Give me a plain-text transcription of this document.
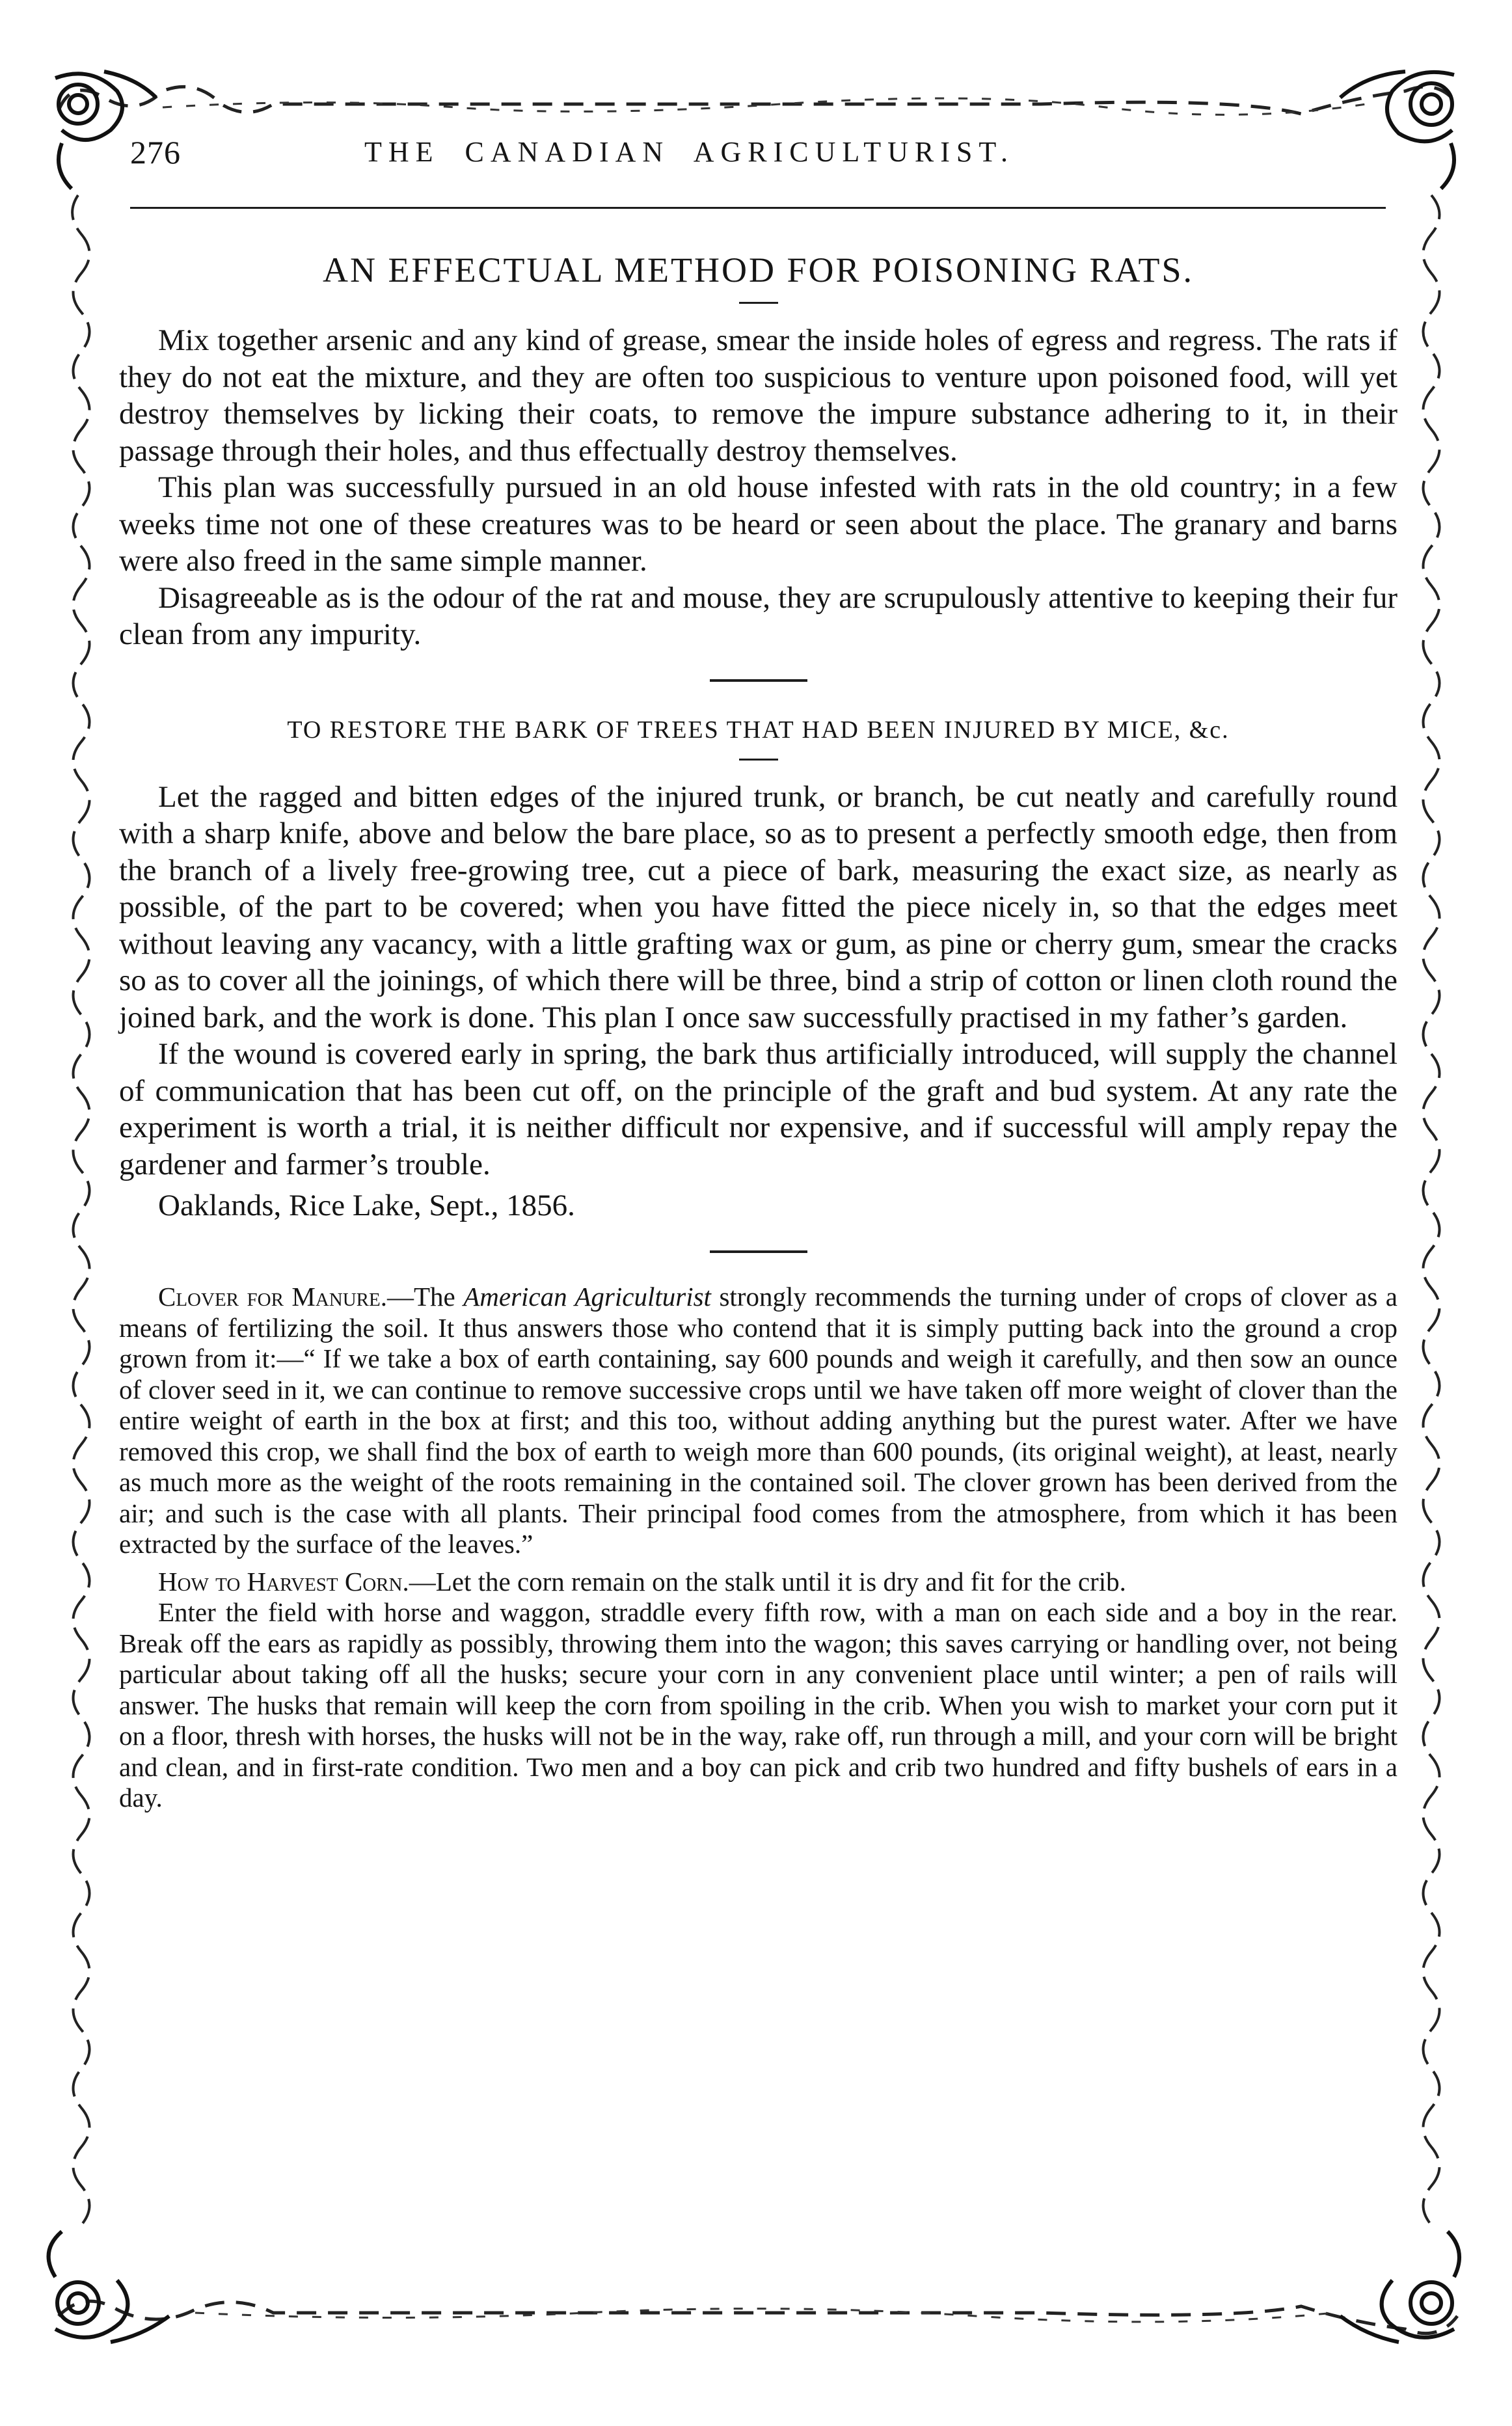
276	THE CANADIAN AGRICULTURIST.
AN EFFECTUAL METHOD FOR POISONING RATS.

Mix together arsenic and any kind of grease, smear the inside holes of egress and regress. The rats if they do not eat the mixture, and they are often too suspicious to venture upon poisoned food, will yet destroy themselves by licking their coats, to remove the impure substance adhering to it, in their passage through their holes, and thus effectually destroy themselves.

This plan was successfully pursued in an old house infested with rats in the old country; in a few weeks time not one of these creatures was to be heard or seen about the place. The granary and barns were also freed in the same simple manner.

Disagreeable as is the odour of the rat and mouse, they are scrupulously attentive to keeping their fur clean from any impurity.

TO RESTORE THE BARK OF TREES THAT HAD BEEN INJURED BY MICE, &c.

Let the ragged and bitten edges of the injured trunk, or branch, be cut neatly and carefully round with a sharp knife, above and below the bare place, so as to present a perfectly smooth edge, then from the branch of a lively free-growing tree, cut a piece of bark, measuring the exact size, as nearly as possible, of the part to be covered; when you have fitted the piece nicely in, so that the edges meet without leaving any vacancy, with a little grafting wax or gum, as pine or cherry gum, smear the cracks so as to cover all the joinings, of which there will be three, bind a strip of cotton or linen cloth round the joined bark, and the work is done. This plan I once saw successfully practised in my father’s garden.

If the wound is covered early in spring, the bark thus artificially introduced, will supply the channel of communication that has been cut off, on the principle of the graft and bud system. At any rate the experiment is worth a trial, it is neither difficult nor expensive, and if successful will amply repay the gardener and farmer’s trouble.

Oaklands, Rice Lake, Sept., 1856.

Clover for Manure.—The American Agriculturist strongly recommends the turning under of crops of clover as a means of fertilizing the soil. It thus answers those who contend that it is simply putting back into the ground a crop grown from it:—“ If we take a box of earth containing, say 600 pounds and weigh it carefully, and then sow an ounce of clover seed in it, we can continue to remove successive crops until we have taken off more weight of clover than the entire weight of earth in the box at first; and this too, without adding anything but the purest water. After we have removed this crop, we shall find the box of earth to weigh more than 600 pounds, (its original weight), at least, nearly as much more as the weight of the roots remaining in the contained soil. The clover grown has been derived from the air; and such is the case with all plants. Their principal food comes from the atmosphere, from which it has been extracted by the surface of the leaves.”

How to Harvest Corn.—Let the corn remain on the stalk until it is dry and fit for the crib.

Enter the field with horse and waggon, straddle every fifth row, with a man on each side and a boy in the rear. Break off the ears as rapidly as possibly, throwing them into the wagon; this saves carrying or handling over, not being particular about taking off all the husks; secure your corn in any convenient place until winter; a pen of rails will answer. The husks that remain will keep the corn from spoiling in the crib. When you wish to market your corn put it on a floor, thresh with horses, the husks will not be in the way, rake off, run through a mill, and your corn will be bright and clean, and in first-rate condition. Two men and a boy can pick and crib two hundred and fifty bushels of ears in a day.
